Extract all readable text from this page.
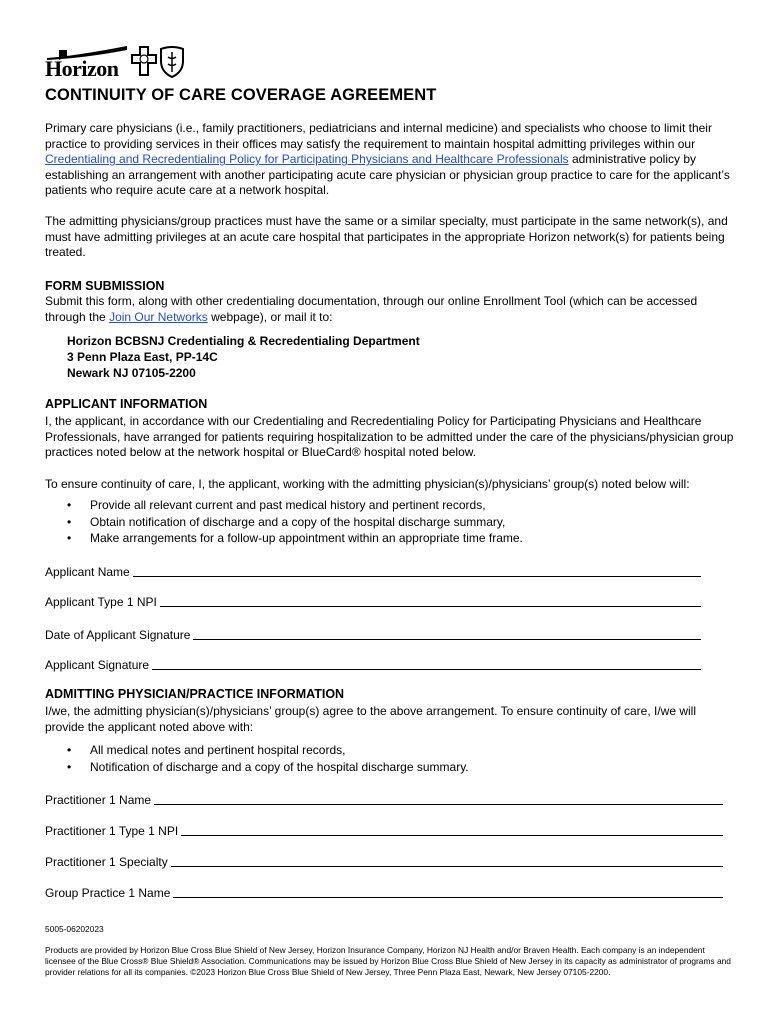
Horizon
CONTINUITY OF CARE COVERAGE AGREEMENT

Primary care physicians (i.e., family practitioners, pediatricians and internal medicine) and specialists who choose to limit their practice to providing services in their offices may satisfy the requirement to maintain hospital admitting privileges within our Credentialing and Recredentialing Policy for Participating Physicians and Healthcare Professionals administrative policy by establishing an arrangement with another participating acute care physician or physician group practice to care for the applicant’s patients who require acute care at a network hospital.

The admitting physicians/group practices must have the same or a similar specialty, must participate in the same network(s), and must have admitting privileges at an acute care hospital that participates in the appropriate Horizon network(s) for patients being treated.

FORM SUBMISSION

Submit this form, along with other credentialing documentation, through our online Enrollment Tool (which can be accessed through the Join Our Networks webpage), or mail it to:

Horizon BCBSNJ Credentialing & Recredentialing Department
3 Penn Plaza East, PP-14C
Newark NJ 07105-2200
APPLICANT INFORMATION

I, the applicant, in accordance with our Credentialing and Recredentialing Policy for Participating Physicians and Healthcare Professionals, have arranged for patients requiring hospitalization to be admitted under the care of the physicians/physician group practices noted below at the network hospital or BlueCard® hospital noted below.

To ensure continuity of care, I, the applicant, working with the admitting physician(s)/physicians’ group(s) noted below will:

• Provide all relevant current and past medical history and pertinent records,
• Obtain notification of discharge and a copy of the hospital discharge summary,
• Make arrangements for a follow-up appointment within an appropriate time frame.
Applicant Name
Applicant Type 1 NPI
Date of Applicant Signature
Applicant Signature
ADMITTING PHYSICIAN/PRACTICE INFORMATION

I/we, the admitting physician(s)/physicians’ group(s) agree to the above arrangement. To ensure continuity of care, I/we will provide the applicant noted above with:

• All medical notes and pertinent hospital records,
• Notification of discharge and a copy of the hospital discharge summary.
Practitioner 1 Name
Practitioner 1 Type 1 NPI
Practitioner 1 Specialty
Group Practice 1 Name
5005-06202023

Products are provided by Horizon Blue Cross Blue Shield of New Jersey, Horizon Insurance Company, Horizon NJ Health and/or Braven Health. Each company is an independent licensee of the Blue Cross® Blue Shield® Association. Communications may be issued by Horizon Blue Cross Blue Shield of New Jersey in its capacity as administrator of programs and provider relations for all its companies. ©2023 Horizon Blue Cross Blue Shield of New Jersey, Three Penn Plaza East, Newark, New Jersey 07105-2200.
